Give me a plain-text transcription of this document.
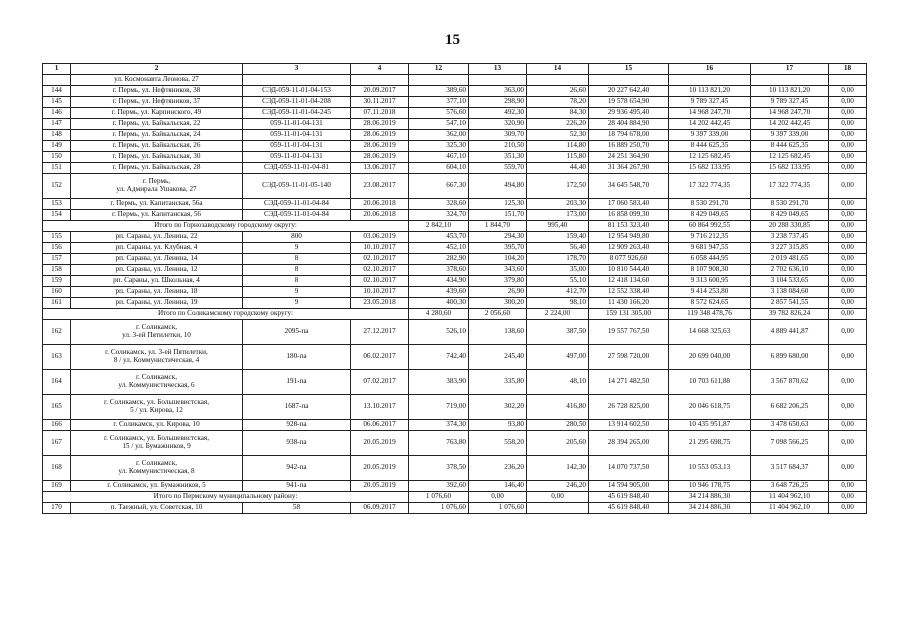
15
1	2	3	4	12	13	14	15	16	17	18
	ул. Космонавта Леонова, 27									
144	г. Пермь, ул. Нефтяников, 38	СЭД-059-11-01-04-153	20.09.2017	389,60	363,00	26,60	20 227 642,40	10 113 821,20	10 113 821,20	0,00
145	г. Пермь, ул. Нефтяников, 37	СЭД-059-11-01-04-208	30.11.2017	377,10	298,90	78,20	19 578 654,90	9 789 327,45	9 789 327,45	0,00
146	г. Пермь, ул. Карпинского, 49	СЭД-059-11-01-04-245	07.11.2018	576,60	492,30	84,30	29 936 495,40	14 968 247,70	14 968 247,70	0,00
147	г. Пермь, ул. Байкальская, 22	059-11-01-04-131	28.06.2019	547,10	320,90	226,20	28 404 884,90	14 202 442,45	14 202 442,45	0,00
148	г. Пермь, ул. Байкальская, 24	059-11-01-04-131	28.06.2019	362,00	309,70	52,30	18 794 678,00	9 397 339,00	9 397 339,00	0,00
149	г. Пермь, ул. Байкальская, 26	059-11-01-04-131	28.06.2019	325,30	210,50	114,80	16 889 250,70	8 444 625,35	8 444 625,35	0,00
150	г. Пермь, ул. Байкальская, 30	059-11-01-04-131	28.06.2019	467,10	351,30	115,80	24 251 364,90	12 125 682,45	12 125 682,45	0,00
151	г. Пермь, ул. Байкальская, 28	СЭД-059-11-01-04-81	13.06.2017	604,10	559,70	44,40	31 364 267,90	15 682 133,95	15 682 133,95	0,00
152	г. Пермь,
ул. Адмирала Ушакова, 27	СЭД-059-11-01-05-140	23.08.2017	667,30	494,80	172,50	34 645 548,70	17 322 774,35	17 322 774,35	0,00
153	г. Пермь, ул. Капитанская, 56а	СЭД-059-11-01-04-84	20.06.2018	328,60	125,30	203,30	17 060 583,40	8 530 291,70	8 530 291,70	0,00
154	г. Пермь, ул. Капитанская, 56	СЭД-059-11-01-04-84	20.06.2018	324,70	151,70	173,00	16 858 099,30	8 429 049,65	8 429 049,65	0,00
Итого по Горнозаводскому городскому округу:				2 842,10	1 844,70	995,40	81 153 323,40	60 864 992,55	20 288 330,85	0,00
155	рп. Сараны, ул. Ленина, 22	800	03.06.2019	453,70	294,30	159,40	12 954 949,80	9 716 212,35	3 238 737,45	0,00
156	рп. Сараны, ул. Клубная, 4	9	10.10.2017	452,10	395,70	56,40	12 909 263,40	9 681 947,55	3 227 315,85	0,00
157	рп. Сараны, ул. Ленина, 14	8	02.10.2017	282,90	104,20	178,70	8 077 926,60	6 058 444,95	2 019 481,65	0,00
158	рп. Сараны, ул. Ленина, 12	8	02.10.2017	378,60	343,60	35,00	10 810 544,40	8 107 908,30	2 702 636,10	0,00
159	рп. Сараны, ул. Школьная, 4	8	02.10.2017	434,90	379,80	55,10	12 418 134,60	9 313 600,95	3 104 533,65	0,00
160	рп. Сараны, ул. Ленина, 18	9	10.10.2017	439,60	26,90	412,70	12 552 338,40	9 414 253,80	3 138 084,60	0,00
161	рп. Сараны, ул. Ленина, 19	9	23.05.2018	400,30	300,20	98,10	11 430 166,20	8 572 624,65	2 857 541,55	0,00
Итого по Соликамскому городскому округу:				4 280,60	2 056,60	2 224,00	159 131 305,00	119 348 478,76	39 782 826,24	0,00
162	г. Соликамск,
ул. 3-ей Пятилетки, 10	2095-па	27.12.2017	526,10	138,60	387,50	19 557 767,50	14 668 325,63	4 889 441,87	0,00
163	г. Соликамск, ул. 3-ей Пятилетки,
8 / ул. Коммунистическая, 4	180-па	06.02.2017	742,40	245,40	497,00	27 598 720,00	20 699 040,00	6 899 680,00	0,00
164	г. Соликамск,
ул. Коммунистическая, 6	191-па	07.02.2017	383,90	335,80	48,10	14 271 482,50	10 703 611,88	3 567 870,62	0,00
165	г. Соликамск, ул. Большевистская,
5 / ул. Кирова, 12	1687-па	13.10.2017	719,00	302,20	416,80	26 728 825,00	20 046 618,75	6 682 206,25	0,00
166	г. Соликамск, ул. Кирова, 10	928-па	06.06.2017	374,30	93,80	280,50	13 914 602,50	10 435 951,87	3 478 650,63	0,00
167	г. Соликамск, ул. Большевистская,
15 / ул. Бумажников, 9	938-па	20.05.2019	763,80	558,20	205,60	28 394 265,00	21 295 698,75	7 098 566,25	0,00
168	г. Соликамск,
ул. Коммунистическая, 8	942-па	20.05.2019	378,50	236,20	142,30	14 070 737,50	10 553 053,13	3 517 684,37	0,00
169	г. Соликамск, ул. Бумажников, 5	941-па	20.05.2019	392,60	146,40	246,20	14 594 905,00	10 946 178,75	3 648 726,25	0,00
Итого по Пермскому муниципальному району:				1 076,60	0,00	0,00	45 619 848,40	34 214 886,30	11 404 962,10	0,00
170	п. Таежный, ул. Советская, 10	58	06.09.2017	1 076,60	1 076,60		45 619 848,40	34 214 886,30	11 404 962,10	0,00
